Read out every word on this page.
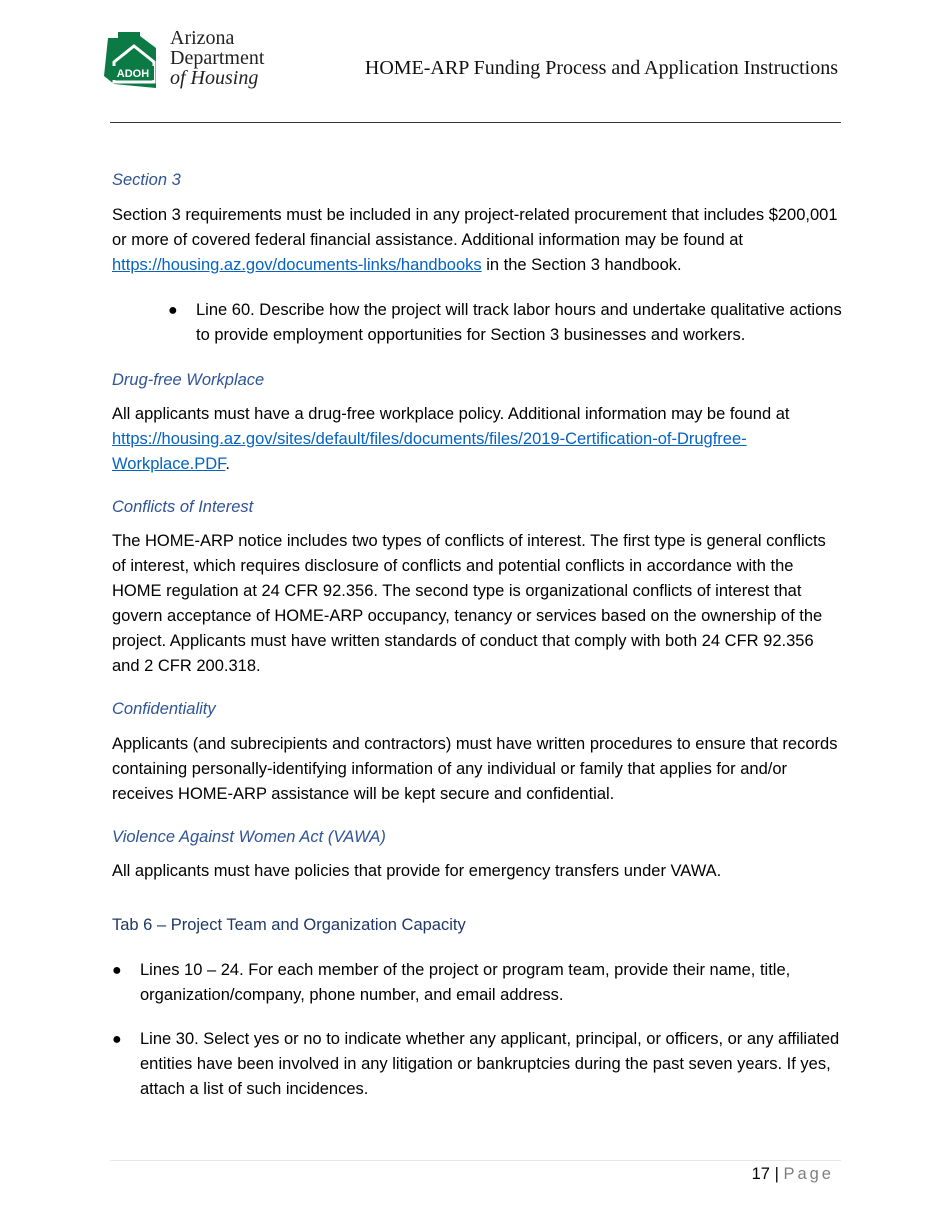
ADOH
Arizona
Department
of Housing	HOME-ARP Funding Process and Application Instructions

Section 3

Section 3 requirements must be included in any project-related procurement that includes $200,001 or more of covered federal financial assistance. Additional information may be found at https://housing.az.gov/documents-links/handbooks in the Section 3 handbook.

● Line 60. Describe how the project will track labor hours and undertake qualitative actions to provide employment opportunities for Section 3 businesses and workers.

Drug-free Workplace

All applicants must have a drug-free workplace policy. Additional information may be found at https://housing.az.gov/sites/default/files/documents/files/2019-Certification-of-Drugfree-Workplace.PDF.

Conflicts of Interest

The HOME-ARP notice includes two types of conflicts of interest. The first type is general conflicts of interest, which requires disclosure of conflicts and potential conflicts in accordance with the HOME regulation at 24 CFR 92.356. The second type is organizational conflicts of interest that govern acceptance of HOME-ARP occupancy, tenancy or services based on the ownership of the project. Applicants must have written standards of conduct that comply with both 24 CFR 92.356 and 2 CFR 200.318.

Confidentiality

Applicants (and subrecipients and contractors) must have written procedures to ensure that records containing personally-identifying information of any individual or family that applies for and/or receives HOME-ARP assistance will be kept secure and confidential.

Violence Against Women Act (VAWA)

All applicants must have policies that provide for emergency transfers under VAWA.

Tab 6 – Project Team and Organization Capacity

● Lines 10 – 24. For each member of the project or program team, provide their name, title, organization/company, phone number, and email address.
● Line 30. Select yes or no to indicate whether any applicant, principal, or officers, or any affiliated entities have been involved in any litigation or bankruptcies during the past seven years. If yes, attach a list of such incidences.
17 | Page
